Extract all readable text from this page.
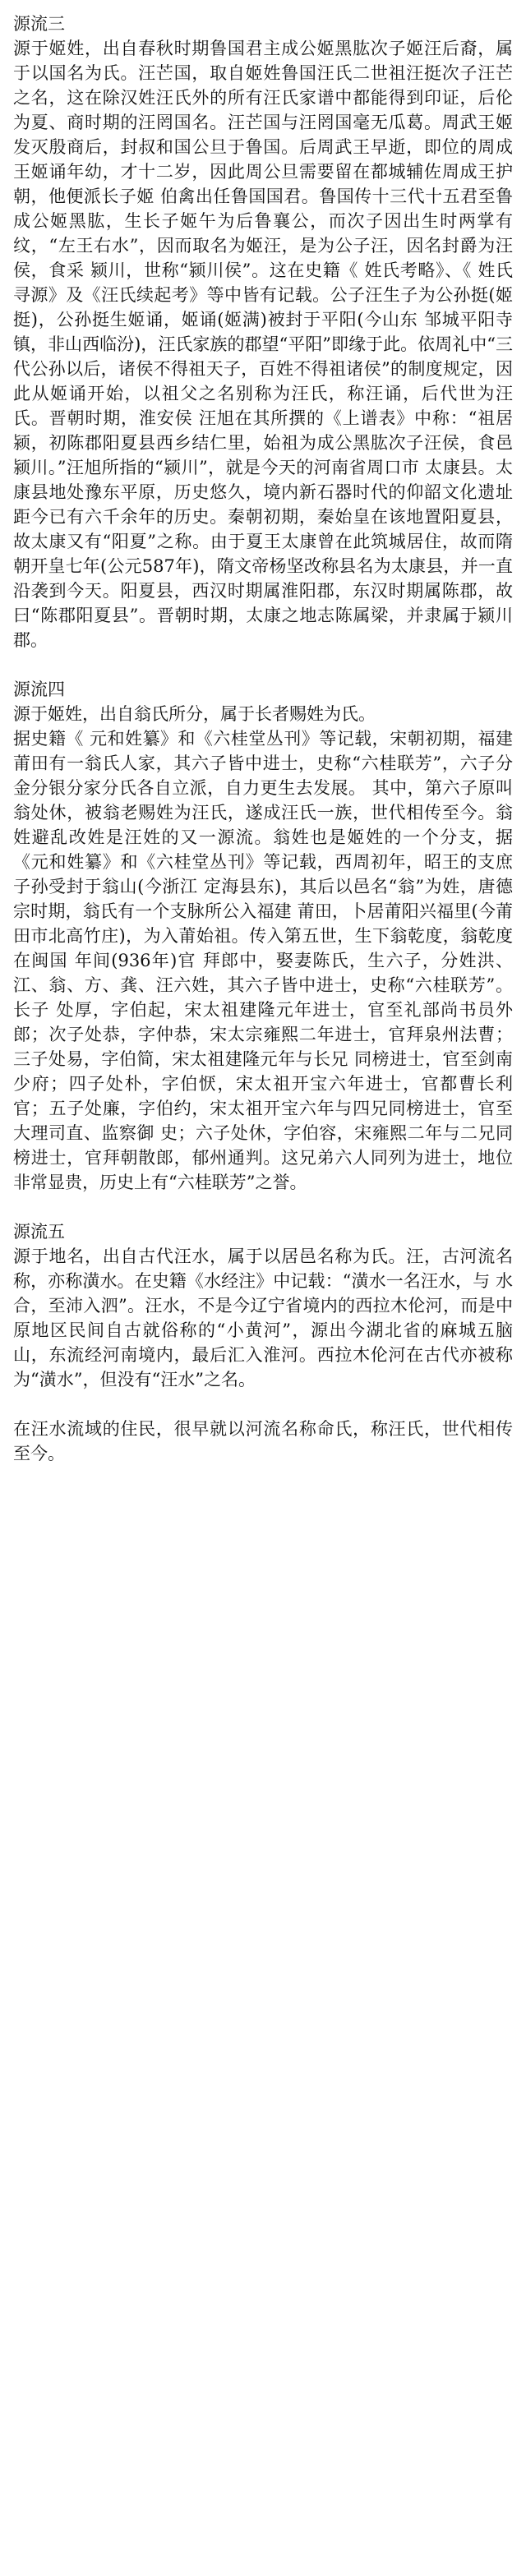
源流三

源于姬姓，出自春秋时期鲁国君主成公姬黑肱次子姬汪后裔，属于以国名为氏。汪芒国，取自姬姓鲁国汪氏二世祖汪挺次子汪芒之名，这在除汉姓汪氏外的所有汪氏家谱中都能得到印证，后伦为夏、商时期的汪罔国名。汪芒国与汪罔国毫无瓜葛。周武王姬发灭殷商后，封叔和国公旦于鲁国。后周武王早逝，即位的周成王姬诵年幼，才十二岁，因此周公旦需要留在都城辅佐周成王护朝，他便派长子姬 伯禽出任鲁国国君。鲁国传十三代十五君至鲁成公姬黑肱，生长子姬午为后鲁襄公，而次子因出生时两掌有纹，“左王右水”，因而取名为姬汪，是为公子汪，因名封爵为汪侯，食采 颍川，世称“颍川侯”。这在史籍《 姓氏考略》、《 姓氏寻源》及《汪氏续起考》等中皆有记载。公子汪生子为公孙挺(姬挺)，公孙挺生姬诵，姬诵(姬满)被封于平阳(今山东 邹城平阳寺镇，非山西临汾)，汪氏家族的郡望“平阳”即缘于此。依周礼中“三代公孙以后，诸侯不得祖天子，百姓不得祖诸侯”的制度规定，因此从姬诵开始，以祖父之名别称为汪氏，称汪诵，后代世为汪氏。晋朝时期，淮安侯 汪旭在其所撰的《上谱表》中称：“祖居颍，初陈郡阳夏县西乡结仁里，始祖为成公黑肱次子汪侯，食邑颍川。”汪旭所指的“颍川”，就是今天的河南省周口市 太康县。太康县地处豫东平原，历史悠久，境内新石器时代的仰韶文化遗址距今已有六千余年的历史。秦朝初期，秦始皇在该地置阳夏县，故太康又有“阳夏”之称。由于夏王太康曾在此筑城居住，故而隋朝开皇七年(公元587年)，隋文帝杨坚改称县名为太康县，并一直沿袭到今天。阳夏县，西汉时期属淮阳郡，东汉时期属陈郡，故曰“陈郡阳夏县”。晋朝时期，太康之地志陈属梁，并隶属于颍川郡。

源流四

源于姬姓，出自翁氏所分，属于长者赐姓为氏。

据史籍《 元和姓纂》和《六桂堂丛刊》等记载，宋朝初期，福建莆田有一翁氏人家，其六子皆中进士，史称“六桂联芳”，六子分金分银分家分氏各自立派，自力更生去发展。 其中，第六子原叫翁处休，被翁老赐姓为汪氏，遂成汪氏一族，世代相传至今。翁姓避乱改姓是汪姓的又一源流。翁姓也是姬姓的一个分支，据《元和姓纂》和《六桂堂丛刊》等记载，西周初年，昭王的支庶子孙受封于翁山(今浙江 定海县东)，其后以邑名“翁”为姓，唐德宗时期，翁氏有一个支脉所公入福建 莆田，卜居莆阳兴福里(今莆田市北高竹庄)，为入莆始祖。传入第五世，生下翁乾度，翁乾度在闽国 年间(936年)官 拜郎中，娶妻陈氏，生六子，分姓洪、江、翁、方、龚、汪六姓，其六子皆中进士，史称“六桂联芳”。长子 处厚，字伯起，宋太祖建隆元年进士，官至礼部尚书员外郎；次子处恭，字仲恭，宋太宗雍熙二年进士，官拜泉州法曹；三子处易，字伯简，宋太祖建隆元年与长兄 同榜进士，官至剑南少府；四子处朴，字伯恹，宋太祖开宝六年进士，官都曹长利官；五子处廉，字伯约，宋太祖开宝六年与四兄同榜进士，官至大理司直、监察御 史；六子处休，字伯容，宋雍熙二年与二兄同榜进士，官拜朝散郎，郁州通判。这兄弟六人同列为进士，地位非常显贵，历史上有“六桂联芳”之誉。

源流五

源于地名，出自古代汪水，属于以居邑名称为氏。汪，古河流名称，亦称潢水。在史籍《水经注》中记载：“潢水一名汪水，与 水合，至沛入泗”。汪水，不是今辽宁省境内的西拉木伦河，而是中原地区民间自古就俗称的“小黄河”，源出今湖北省的麻城五脑山，东流经河南境内，最后汇入淮河。西拉木伦河在古代亦被称为“潢水”，但没有“汪水”之名。

在汪水流域的住民，很早就以河流名称命氏，称汪氏，世代相传至今。
